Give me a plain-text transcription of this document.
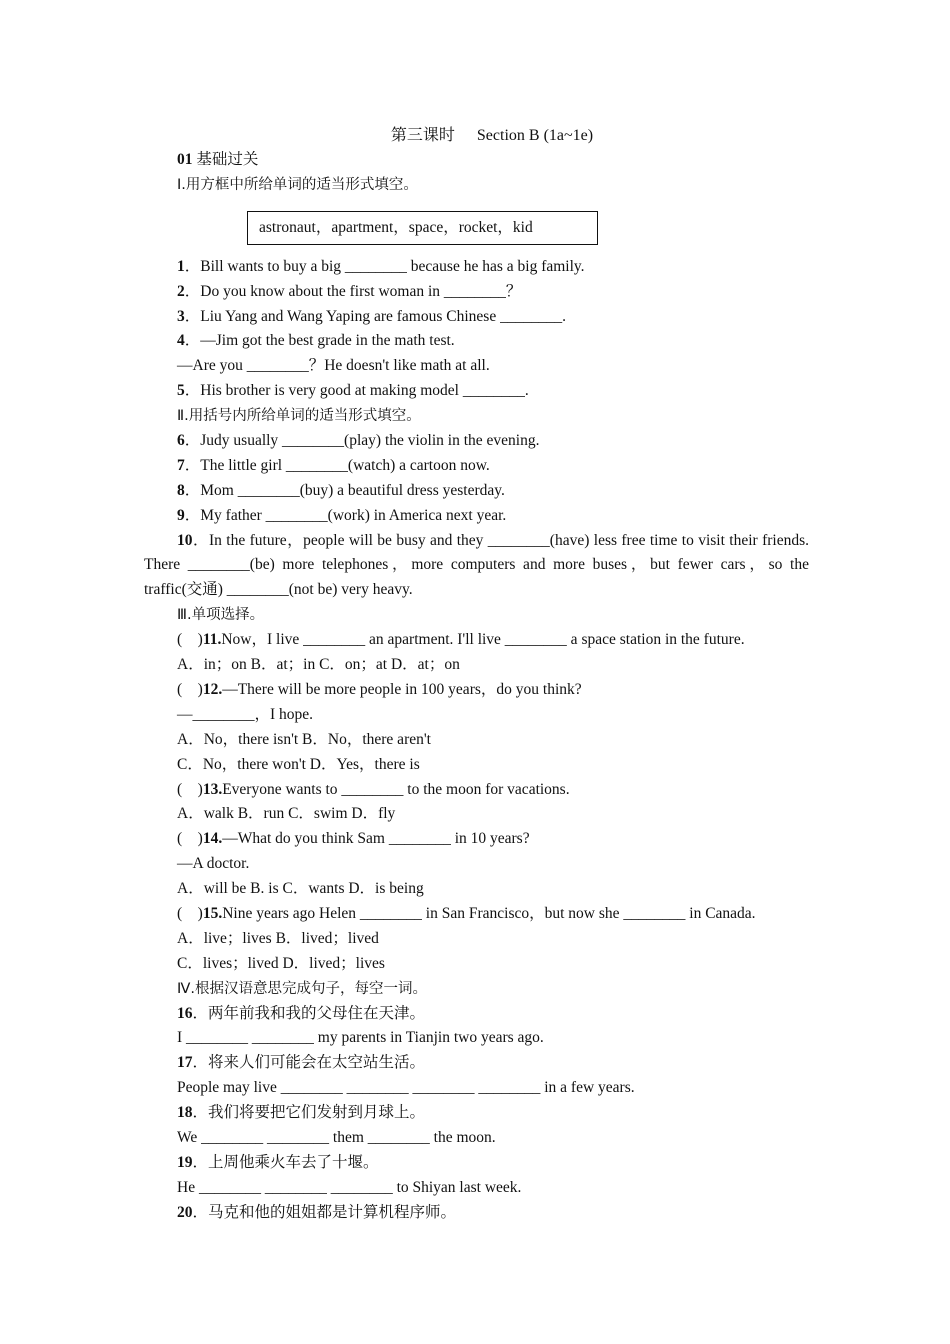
第三课时 Section B (1a~1e)
01 基础过关
Ⅰ.用方框中所给单词的适当形式填空。
astronaut，apartment，space，rocket，kid
1．Bill wants to buy a big ________ because he has a big family.
2．Do you know about the first woman in ________？
3．Liu Yang and Wang Yaping are famous Chinese ________.
4．—Jim got the best grade in the math test.
—Are you ________？He doesn't like math at all.
5．His brother is very good at making model ________.
Ⅱ.用括号内所给单词的适当形式填空。
6．Judy usually ________(play) the violin in the evening.
7．The little girl ________(watch) a cartoon now.
8．Mom ________(buy) a beautiful dress yesterday.
9．My father ________(work) in America next year.
10．In the future，people will be busy and they ________(have) less free time to visit their friends. There ________(be) more telephones，more computers and more buses，but fewer cars，so the traffic(交通) ________(not be) very heavy.
Ⅲ.单项选择。
(　)11.Now，I live ________ an apartment. I'll live ________ a space station in the future.
A．in；on B．at；in C．on；at D．at；on
(　)12.—There will be more people in 100 years，do you think?
—________，I hope.
A．No，there isn't B．No，there aren't
C．No，there won't D．Yes，there is
(　)13.Everyone wants to ________ to the moon for vacations.
A．walk B．run C．swim D．fly
(　)14.—What do you think Sam ________ in 10 years?
—A doctor.
A．will be B. is C．wants D．is being
(　)15.Nine years ago Helen ________ in San Francisco，but now she ________ in Canada.
A．live；lives B．lived；lived
C．lives；lived D．lived；lives
Ⅳ.根据汉语意思完成句子，每空一词。
16．两年前我和我的父母住在天津。
I ________ ________ my parents in Tianjin two years ago.
17．将来人们可能会在太空站生活。
People may live ________ ________ ________ ________ in a few years.
18．我们将要把它们发射到月球上。
We ________ ________ them ________ the moon.
19．上周他乘火车去了十堰。
He ________ ________ ________ to Shiyan last week.
20．马克和他的姐姐都是计算机程序师。
